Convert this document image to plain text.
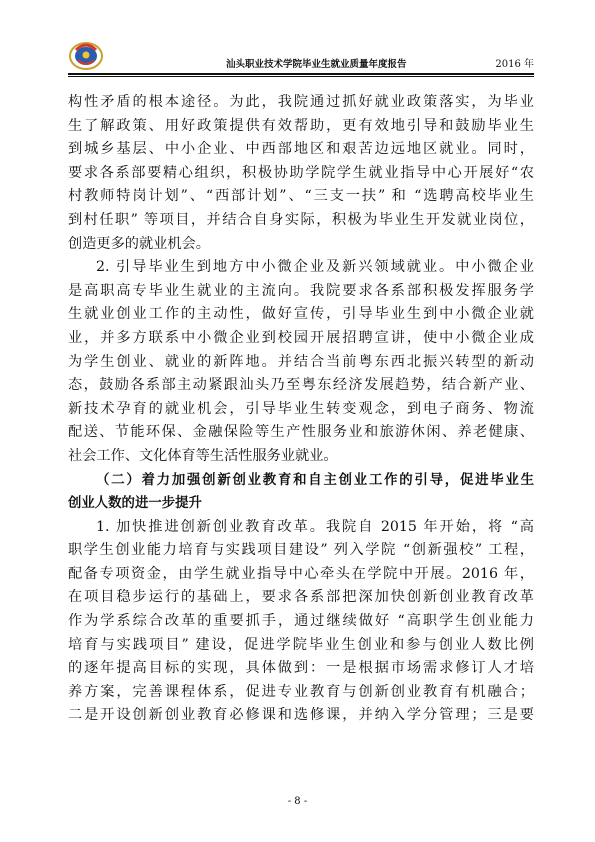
汕头职业技术学院毕业生就业质量年度报告	2016 年
构性矛盾的根本途径。为此，我院通过抓好就业政策落实，为毕业
生了解政策、用好政策提供有效帮助，更有效地引导和鼓励毕业生
到城乡基层、中小企业、中西部地区和艰苦边远地区就业。同时，
要求各系部要精心组织，积极协助学院学生就业指导中心开展好“农
村教师特岗计划”、“西部计划”、“三支一扶” 和 “选聘高校毕业生
到村任职” 等项目，并结合自身实际，积极为毕业生开发就业岗位，
创造更多的就业机会。
2. 引导毕业生到地方中小微企业及新兴领域就业。中小微企业
是高职高专毕业生就业的主流向。我院要求各系部积极发挥服务学
生就业创业工作的主动性，做好宣传，引导毕业生到中小微企业就
业，并多方联系中小微企业到校园开展招聘宣讲，使中小微企业成
为学生创业、就业的新阵地。并结合当前粤东西北振兴转型的新动
态，鼓励各系部主动紧跟汕头乃至粤东经济发展趋势，结合新产业、
新技术孕育的就业机会，引导毕业生转变观念，到电子商务、物流
配送、节能环保、金融保险等生产性服务业和旅游休闲、养老健康、
社会工作、文化体育等生活性服务业就业。
（二）着力加强创新创业教育和自主创业工作的引导，促进毕业生
创业人数的进一步提升
1. 加快推进创新创业教育改革。我院自 2015 年开始，将 “高
职学生创业能力培育与实践项目建设” 列入学院 “创新强校” 工程，
配备专项资金，由学生就业指导中心牵头在学院中开展。2016 年，
在项目稳步运行的基础上，要求各系部把深加快创新创业教育改革
作为学系综合改革的重要抓手，通过继续做好 “高职学生创业能力
培育与实践项目” 建设，促进学院毕业生创业和参与创业人数比例
的逐年提高目标的实现，具体做到：一是根据市场需求修订人才培
养方案，完善课程体系，促进专业教育与创新创业教育有机融合；
二是开设创新创业教育必修课和选修课，并纳入学分管理；三是要
- 8 -
